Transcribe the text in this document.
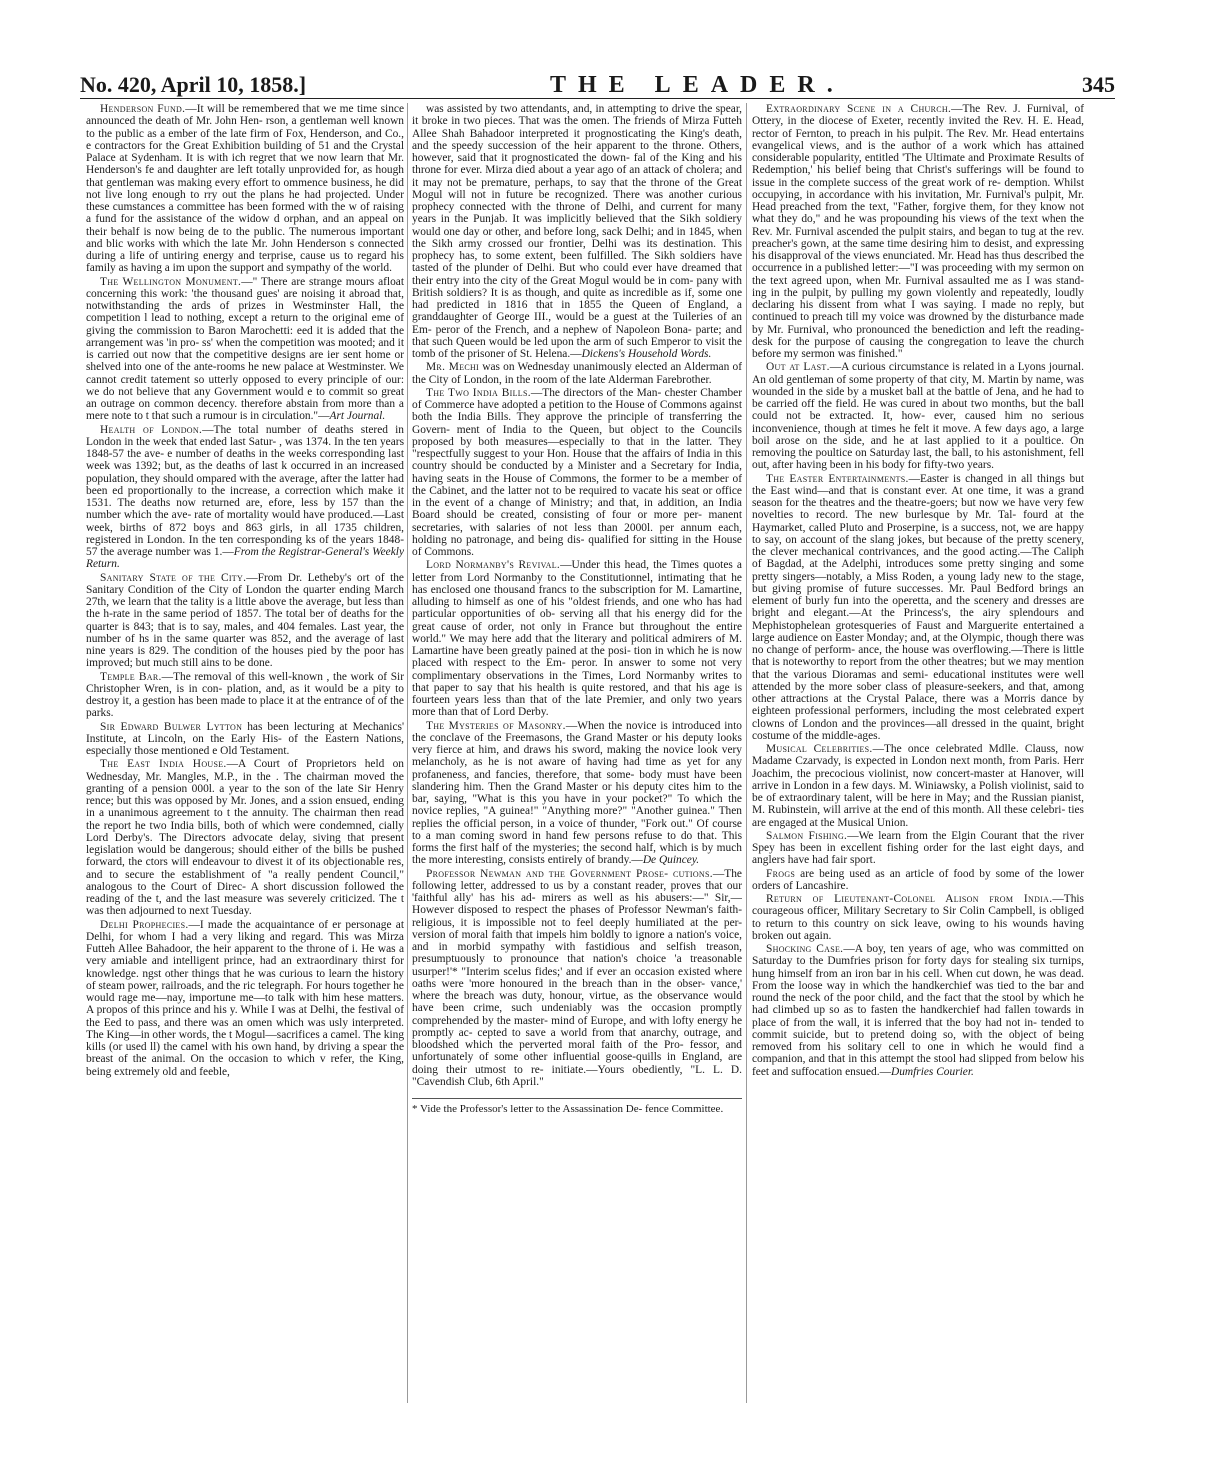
No. 420, April 10, 1858.]	THE LEADER.	345

Henderson Fund.—It will be remembered that we me time since announced the death of Mr. John Hen- rson, a gentleman well known to the public as a ember of the late firm of Fox, Henderson, and Co., e contractors for the Great Exhibition building of 51 and the Crystal Palace at Sydenham. It is with ich regret that we now learn that Mr. Henderson's fe and daughter are left totally unprovided for, as hough that gentleman was making every effort to ommence business, he did not live long enough to rry out the plans he had projected. Under these cumstances a committee has been formed with the w of raising a fund for the assistance of the widow d orphan, and an appeal on their behalf is now being de to the public. The numerous important and blic works with which the late Mr. John Henderson s connected during a life of untiring energy and terprise, cause us to regard his family as having a im upon the support and sympathy of the world.

The Wellington Monument.—" There are strange mours afloat concerning this work: 'the thousand gues' are noising it abroad that, notwithstanding the ards of prizes in Westminster Hall, the competition l lead to nothing, except a return to the original eme of giving the commission to Baron Marochetti: eed it is added that the arrangement was 'in pro- ss' when the competition was mooted; and it is carried out now that the competitive designs are ier sent home or shelved into one of the ante-rooms he new palace at Westminster. We cannot credit tatement so utterly opposed to every principle of our: we do not believe that any Government would e to commit so great an outrage on common decency. therefore abstain from more than a mere note to t that such a rumour is in circulation."—Art Journal.

Health of London.—The total number of deaths stered in London in the week that ended last Satur- , was 1374. In the ten years 1848-57 the ave- e number of deaths in the weeks corresponding last week was 1392; but, as the deaths of last k occurred in an increased population, they should ompared with the average, after the latter had been ed proportionally to the increase, a correction which make it 1531. The deaths now returned are, efore, less by 157 than the number which the ave- rate of mortality would have produced.—Last week, births of 872 boys and 863 girls, in all 1735 children, registered in London. In the ten corresponding ks of the years 1848-57 the average number was 1.—From the Registrar-General's Weekly Return.

Sanitary State of the City.—From Dr. Letheby's ort of the Sanitary Condition of the City of London the quarter ending March 27th, we learn that the tality is a little above the average, but less than the h-rate in the same period of 1857. The total ber of deaths for the quarter is 843; that is to say, males, and 404 females. Last year, the number of hs in the same quarter was 852, and the average of last nine years is 829. The condition of the houses pied by the poor has improved; but much still ains to be done.

Temple Bar.—The removal of this well-known , the work of Sir Christopher Wren, is in con- plation, and, as it would be a pity to destroy it, a gestion has been made to place it at the entrance of of the parks.

Sir Edward Bulwer Lytton has been lecturing at Mechanics' Institute, at Lincoln, on the Early His- of the Eastern Nations, especially those mentioned e Old Testament.

The East India House.—A Court of Proprietors held on Wednesday, Mr. Mangles, M.P., in the . The chairman moved the granting of a pension 000l. a year to the son of the late Sir Henry rence; but this was opposed by Mr. Jones, and a ssion ensued, ending in a unanimous agreement to t the annuity. The chairman then read the report he two India bills, both of which were condemned, cially Lord Derby's. The Directors advocate delay, siving that present legislation would be dangerous; should either of the bills be pushed forward, the ctors will endeavour to divest it of its objectionable res, and to secure the establishment of "a really pendent Council," analogous to the Court of Direc- A short discussion followed the reading of the t, and the last measure was severely criticized. The t was then adjourned to next Tuesday.

Delhi Prophecies.—I made the acquaintance of er personage at Delhi, for whom I had a very liking and regard. This was Mirza Futteh Allee Bahadoor, the heir apparent to the throne of i. He was a very amiable and intelligent prince, had an extraordinary thirst for knowledge. ngst other things that he was curious to learn the history of steam power, railroads, and the ric telegraph. For hours together he would rage me—nay, importune me—to talk with him hese matters. A propos of this prince and his y. While I was at Delhi, the festival of the Eed to pass, and there was an omen which was usly interpreted. The King—in other words, the t Mogul—sacrifices a camel. The king kills (or used ll) the camel with his own hand, by driving a spear the breast of the animal. On the occasion to which v refer, the King, being extremely old and feeble,

was assisted by two attendants, and, in attempting to drive the spear, it broke in two pieces. That was the omen. The friends of Mirza Futteh Allee Shah Bahadoor interpreted it prognosticating the King's death, and the speedy succession of the heir apparent to the throne. Others, however, said that it prognosticated the down- fal of the King and his throne for ever. Mirza died about a year ago of an attack of cholera; and it may not be premature, perhaps, to say that the throne of the Great Mogul will not in future be recognized. There was another curious prophecy connected with the throne of Delhi, and current for many years in the Punjab. It was implicitly believed that the Sikh soldiery would one day or other, and before long, sack Delhi; and in 1845, when the Sikh army crossed our frontier, Delhi was its destination. This prophecy has, to some extent, been fulfilled. The Sikh soldiers have tasted of the plunder of Delhi. But who could ever have dreamed that their entry into the city of the Great Mogul would be in com- pany with British soldiers? It is as though, and quite as incredible as if, some one had predicted in 1816 that in 1855 the Queen of England, a granddaughter of George III., would be a guest at the Tuileries of an Em- peror of the French, and a nephew of Napoleon Bona- parte; and that such Queen would be led upon the arm of such Emperor to visit the tomb of the prisoner of St. Helena.—Dickens's Household Words.

Mr. Mechi was on Wednesday unanimously elected an Alderman of the City of London, in the room of the late Alderman Farebrother.

The Two India Bills.—The directors of the Man- chester Chamber of Commerce have adopted a petition to the House of Commons against both the India Bills. They approve the principle of transferring the Govern- ment of India to the Queen, but object to the Councils proposed by both measures—especially to that in the latter. They "respectfully suggest to your Hon. House that the affairs of India in this country should be conducted by a Minister and a Secretary for India, having seats in the House of Commons, the former to be a member of the Cabinet, and the latter not to be required to vacate his seat or office in the event of a change of Ministry; and that, in addition, an India Board should be created, consisting of four or more per- manent secretaries, with salaries of not less than 2000l. per annum each, holding no patronage, and being dis- qualified for sitting in the House of Commons.

Lord Normanby's Revival.—Under this head, the Times quotes a letter from Lord Normanby to the Constitutionnel, intimating that he has enclosed one thousand francs to the subscription for M. Lamartine, alluding to himself as one of his "oldest friends, and one who has had particular opportunities of ob- serving all that his energy did for the great cause of order, not only in France but throughout the entire world." We may here add that the literary and political admirers of M. Lamartine have been greatly pained at the posi- tion in which he is now placed with respect to the Em- peror. In answer to some not very complimentary observations in the Times, Lord Normanby writes to that paper to say that his health is quite restored, and that his age is fourteen years less than that of the late Premier, and only two years more than that of Lord Derby.

The Mysteries of Masonry.—When the novice is introduced into the conclave of the Freemasons, the Grand Master or his deputy looks very fierce at him, and draws his sword, making the novice look very melancholy, as he is not aware of having had time as yet for any profaneness, and fancies, therefore, that some- body must have been slandering him. Then the Grand Master or his deputy cites him to the bar, saying, "What is this you have in your pocket?" To which the novice replies, "A guinea!" "Anything more?" "Another guinea." Then replies the official person, in a voice of thunder, "Fork out." Of course to a man coming sword in hand few persons refuse to do that. This forms the first half of the mysteries; the second half, which is by much the more interesting, consists entirely of brandy.—De Quincey.

Professor Newman and the Government Prose- cutions.—The following letter, addressed to us by a constant reader, proves that our 'faithful ally' has his ad- mirers as well as his abusers:—" Sir,—However disposed to respect the phases of Professor Newman's faith-religious, it is impossible not to feel deeply humiliated at the per- version of moral faith that impels him boldly to ignore a nation's voice, and in morbid sympathy with fastidious and selfish treason, presumptuously to pronounce that nation's choice 'a treasonable usurper!'* "Interim scelus fides;' and if ever an occasion existed where oaths were 'more honoured in the breach than in the obser- vance,' where the breach was duty, honour, virtue, as the observance would have been crime, such undeniably was the occasion promptly comprehended by the master- mind of Europe, and with lofty energy he promptly ac- cepted to save a world from that anarchy, outrage, and bloodshed which the perverted moral faith of the Pro- fessor, and unfortunately of some other influential goose-quills in England, are doing their utmost to re- initiate.—Yours obediently, "L. L. D. "Cavendish Club, 6th April."

* Vide the Professor's letter to the Assassination De- fence Committee.

Extraordinary Scene in a Church.—The Rev. J. Furnival, of Ottery, in the diocese of Exeter, recently invited the Rev. H. E. Head, rector of Fernton, to preach in his pulpit. The Rev. Mr. Head entertains evangelical views, and is the author of a work which has attained considerable popularity, entitled 'The Ultimate and Proximate Results of Redemption,' his belief being that Christ's sufferings will be found to issue in the complete success of the great work of re- demption. Whilst occupying, in accordance with his invitation, Mr. Furnival's pulpit, Mr. Head preached from the text, "Father, forgive them, for they know not what they do," and he was propounding his views of the text when the Rev. Mr. Furnival ascended the pulpit stairs, and began to tug at the rev. preacher's gown, at the same time desiring him to desist, and expressing his disapproval of the views enunciated. Mr. Head has thus described the occurrence in a published letter:—"I was proceeding with my sermon on the text agreed upon, when Mr. Furnival assaulted me as I was stand- ing in the pulpit, by pulling my gown violently and repeatedly, loudly declaring his dissent from what I was saying. I made no reply, but continued to preach till my voice was drowned by the disturbance made by Mr. Furnival, who pronounced the benediction and left the reading-desk for the purpose of causing the congregation to leave the church before my sermon was finished."

Out at Last.—A curious circumstance is related in a Lyons journal. An old gentleman of some property of that city, M. Martin by name, was wounded in the side by a musket ball at the battle of Jena, and he had to be carried off the field. He was cured in about two months, but the ball could not be extracted. It, how- ever, caused him no serious inconvenience, though at times he felt it move. A few days ago, a large boil arose on the side, and he at last applied to it a poultice. On removing the poultice on Saturday last, the ball, to his astonishment, fell out, after having been in his body for fifty-two years.

The Easter Entertainments.—Easter is changed in all things but the East wind—and that is constant ever. At one time, it was a grand season for the theatres and the theatre-goers; but now we have very few novelties to record. The new burlesque by Mr. Tal- fourd at the Haymarket, called Pluto and Proserpine, is a success, not, we are happy to say, on account of the slang jokes, but because of the pretty scenery, the clever mechanical contrivances, and the good acting.—The Caliph of Bagdad, at the Adelphi, introduces some pretty singing and some pretty singers—notably, a Miss Roden, a young lady new to the stage, but giving promise of future successes. Mr. Paul Bedford brings an element of burly fun into the operetta, and the scenery and dresses are bright and elegant.—At the Princess's, the airy splendours and Mephistophelean grotesqueries of Faust and Marguerite entertained a large audience on Easter Monday; and, at the Olympic, though there was no change of perform- ance, the house was overflowing.—There is little that is noteworthy to report from the other theatres; but we may mention that the various Dioramas and semi- educational institutes were well attended by the more sober class of pleasure-seekers, and that, among other attractions at the Crystal Palace, there was a Morris dance by eighteen professional performers, including the most celebrated expert clowns of London and the provinces—all dressed in the quaint, bright costume of the middle-ages.

Musical Celebrities.—The once celebrated Mdlle. Clauss, now Madame Czarvady, is expected in London next month, from Paris. Herr Joachim, the precocious violinist, now concert-master at Hanover, will arrive in London in a few days. M. Winiawsky, a Polish violinist, said to be of extraordinary talent, will be here in May; and the Russian pianist, M. Rubinstein, will arrive at the end of this month. All these celebri- ties are engaged at the Musical Union.

Salmon Fishing.—We learn from the Elgin Courant that the river Spey has been in excellent fishing order for the last eight days, and anglers have had fair sport.

Frogs are being used as an article of food by some of the lower orders of Lancashire.

Return of Lieutenant-Colonel Alison from India.—This courageous officer, Military Secretary to Sir Colin Campbell, is obliged to return to this country on sick leave, owing to his wounds having broken out again.

Shocking Case.—A boy, ten years of age, who was committed on Saturday to the Dumfries prison for forty days for stealing six turnips, hung himself from an iron bar in his cell. When cut down, he was dead. From the loose way in which the handkerchief was tied to the bar and round the neck of the poor child, and the fact that the stool by which he had climbed up so as to fasten the handkerchief had fallen towards in place of from the wall, it is inferred that the boy had not in- tended to commit suicide, but to pretend doing so, with the object of being removed from his solitary cell to one in which he would find a companion, and that in this attempt the stool had slipped from below his feet and suffocation ensued.—Dumfries Courier.
